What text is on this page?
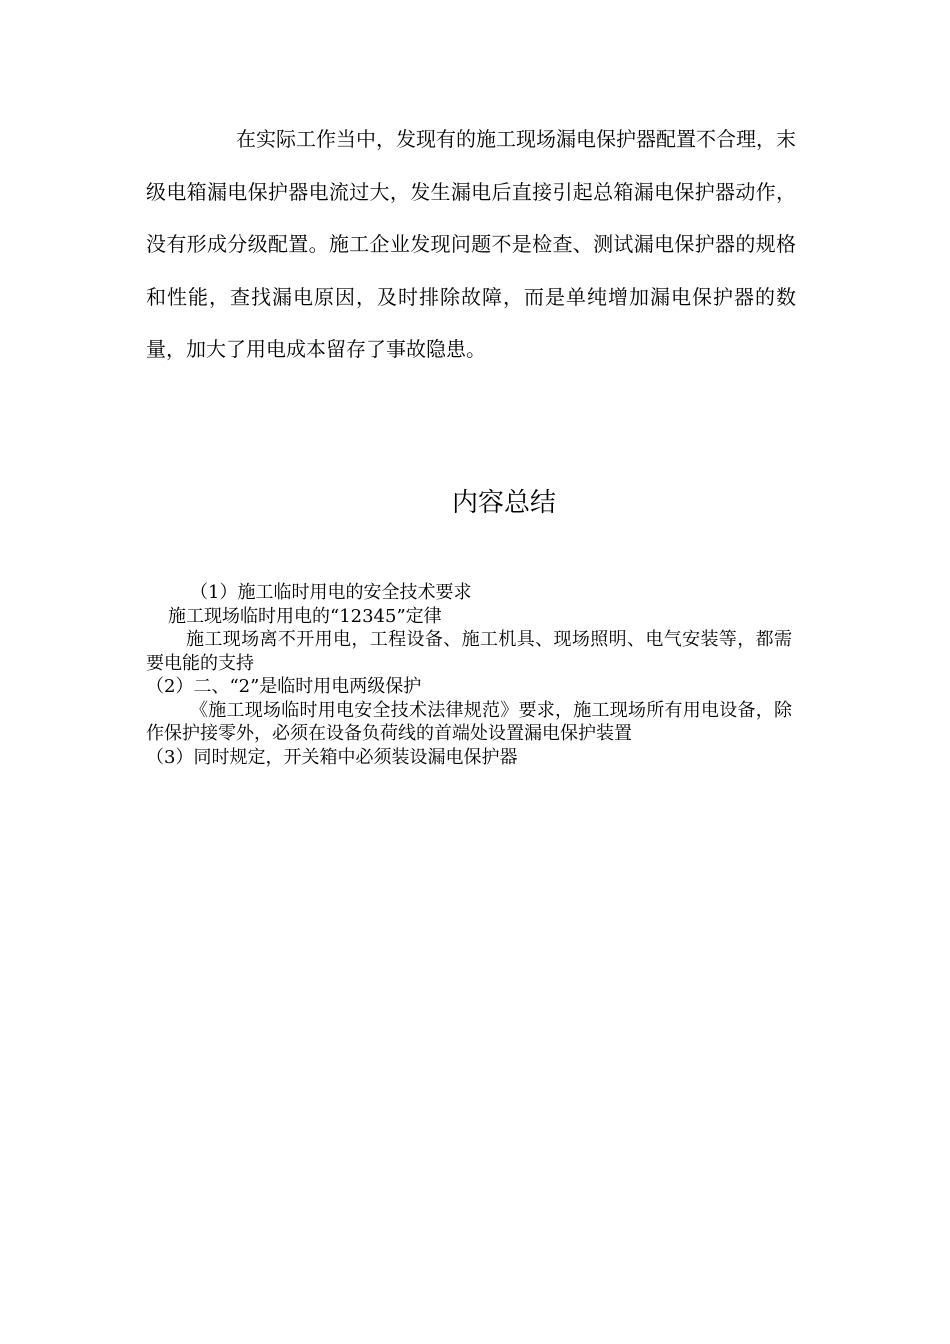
在实际工作当中，发现有的施工现场漏电保护器配置不合理，末级电箱漏电保护器电流过大，发生漏电后直接引起总箱漏电保护器动作，没有形成分级配置。施工企业发现问题不是检查、测试漏电保护器的规格和性能，查找漏电原因，及时排除故障，而是单纯增加漏电保护器的数量，加大了用电成本留存了事故隐患。

内容总结

（1）施工临时用电的安全技术要求

施工现场临时用电的“12345”定律

施工现场离不开用电，工程设备、施工机具、现场照明、电气安装等，都需要电能的支持

（2）二、“2”是临时用电两级保护

《施工现场临时用电安全技术法律规范》要求，施工现场所有用电设备，除作保护接零外，必须在设备负荷线的首端处设置漏电保护装置

（3）同时规定，开关箱中必须装设漏电保护器
